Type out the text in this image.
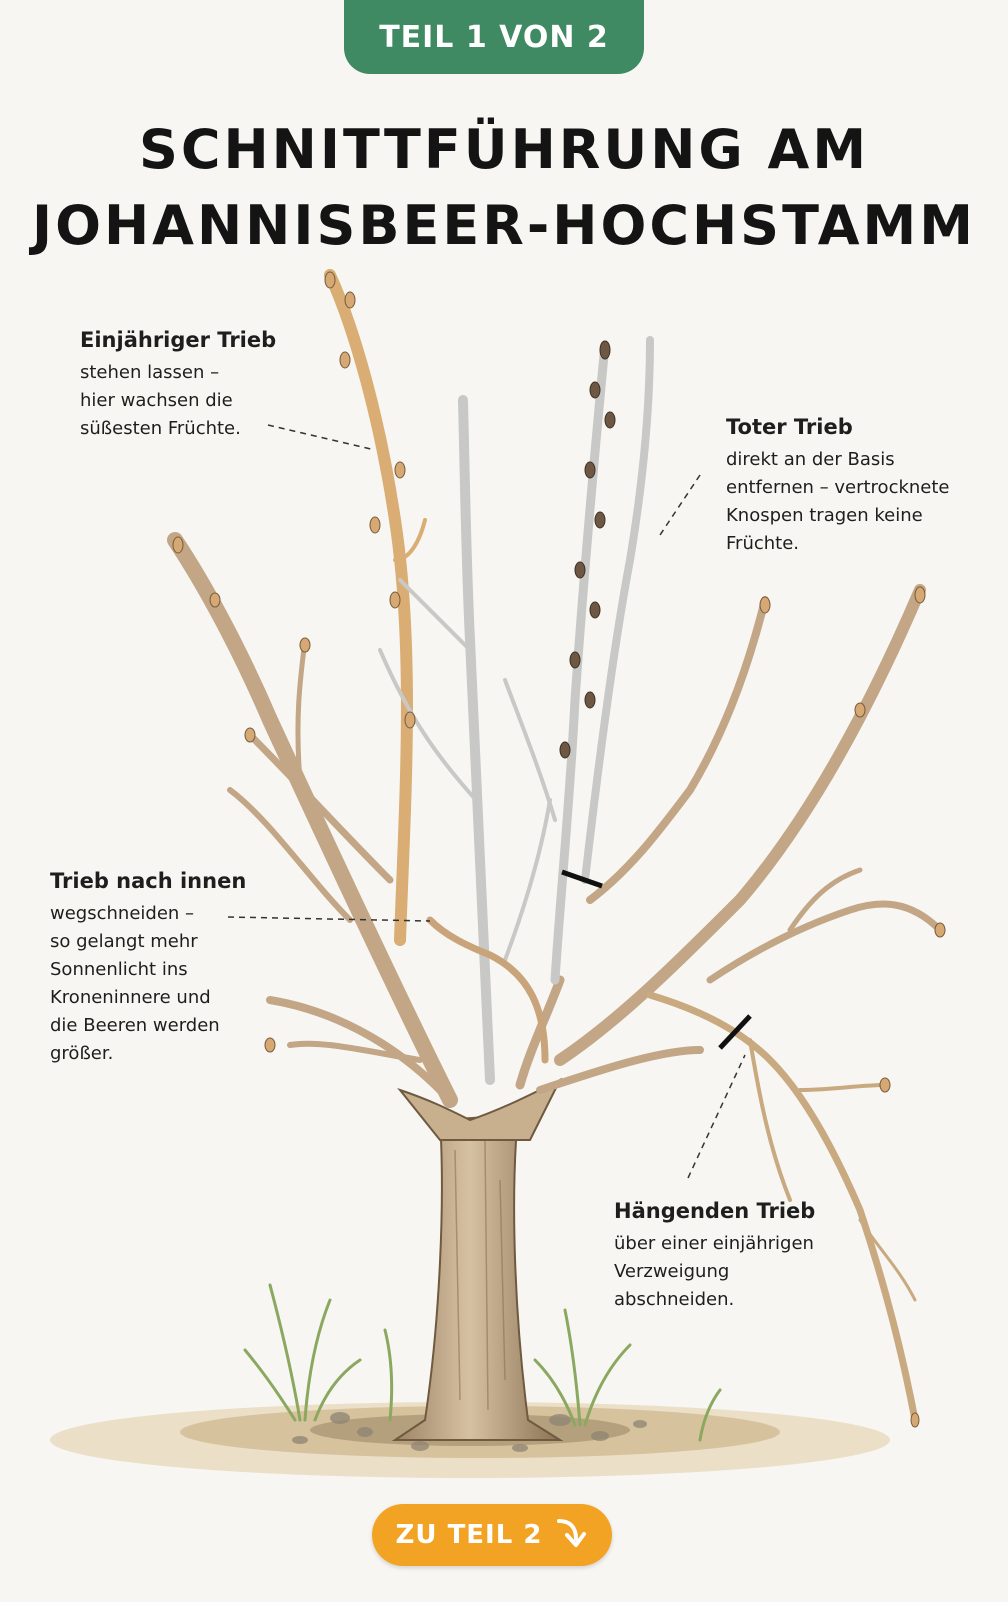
TEIL 1 VON 2
SCHNITTFÜHRUNG AM
JOHANNISBEER-HOCHSTAMM
Einjähriger Trieb
stehen lassen –
hier wachsen die
süßesten Früchte.	Toter Trieb
direkt an der Basis
entfernen – vertrocknete
Knospen tragen keine
Früchte.
Trieb nach innen
wegschneiden –
so gelangt mehr
Sonnenlicht ins
Kroneninnere und
die Beeren werden
größer.
Hängenden Trieb
über einer einjährigen
Verzweigung
abschneiden.
ZU TEIL 2
